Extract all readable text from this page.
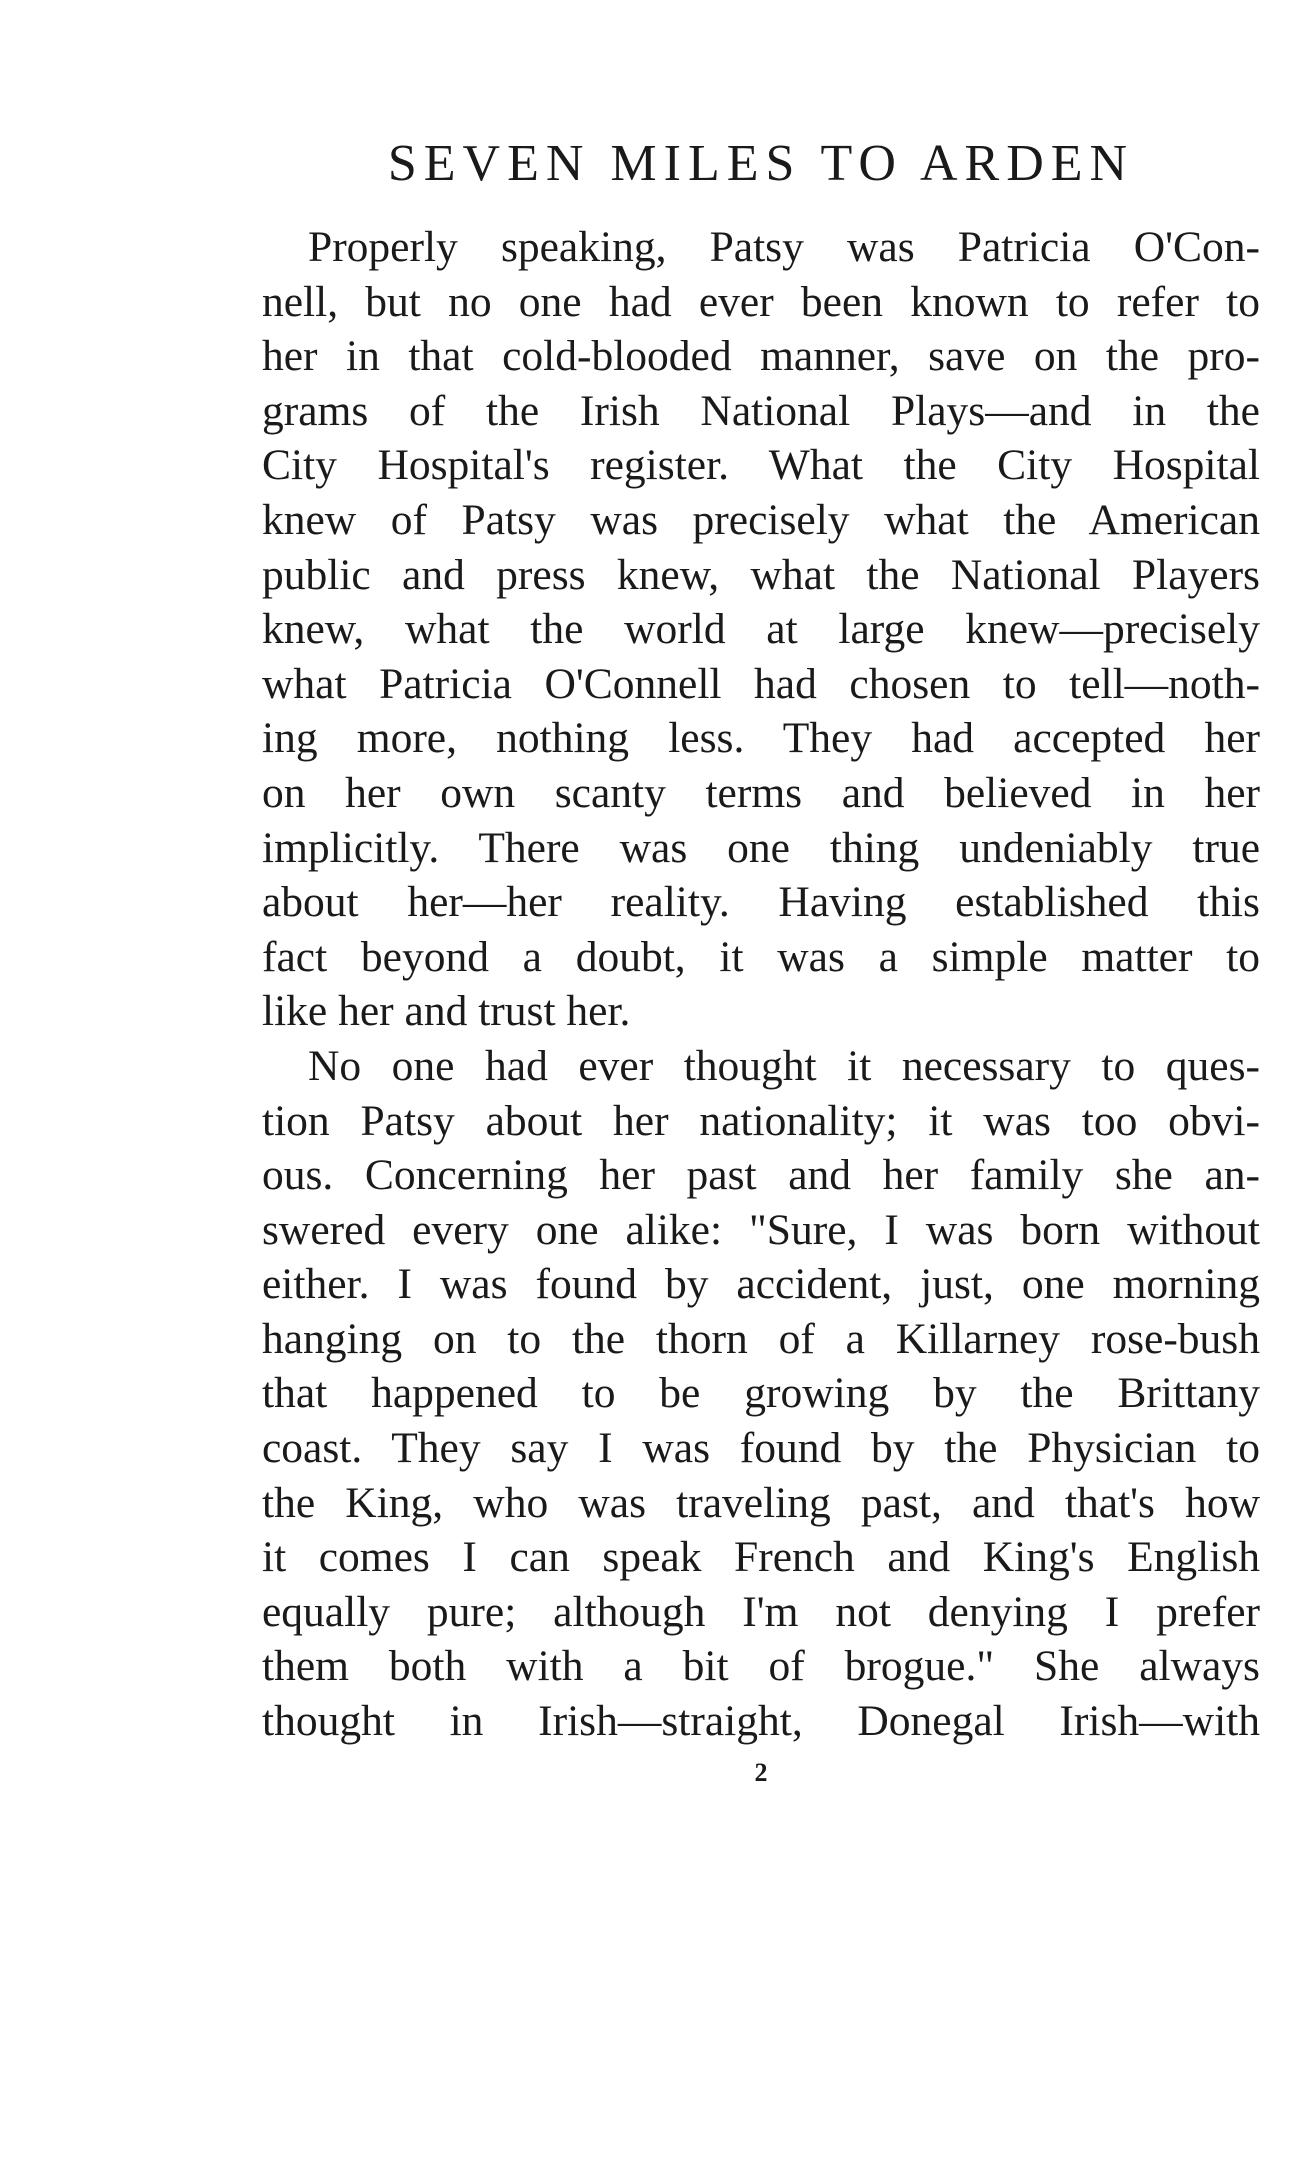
SEVEN MILES TO ARDEN
Properly speaking, Patsy was Patricia O'Con-
nell, but no one had ever been known to refer to
her in that cold-blooded manner, save on the pro-
grams of the Irish National Plays—and in the
City Hospital's register. What the City Hospital
knew of Patsy was precisely what the American
public and press knew, what the National Players
knew, what the world at large knew—precisely
what Patricia O'Connell had chosen to tell—noth-
ing more, nothing less. They had accepted her
on her own scanty terms and believed in her
implicitly. There was one thing undeniably true
about her—her reality. Having established this
fact beyond a doubt, it was a simple matter to
like her and trust her.
No one had ever thought it necessary to ques-
tion Patsy about her nationality; it was too obvi-
ous. Concerning her past and her family she an-
swered every one alike: "Sure, I was born without
either. I was found by accident, just, one morning
hanging on to the thorn of a Killarney rose-bush
that happened to be growing by the Brittany
coast. They say I was found by the Physician to
the King, who was traveling past, and that's how
it comes I can speak French and King's English
equally pure; although I'm not denying I prefer
them both with a bit of brogue." She always
thought in Irish—straight, Donegal Irish—with
2
